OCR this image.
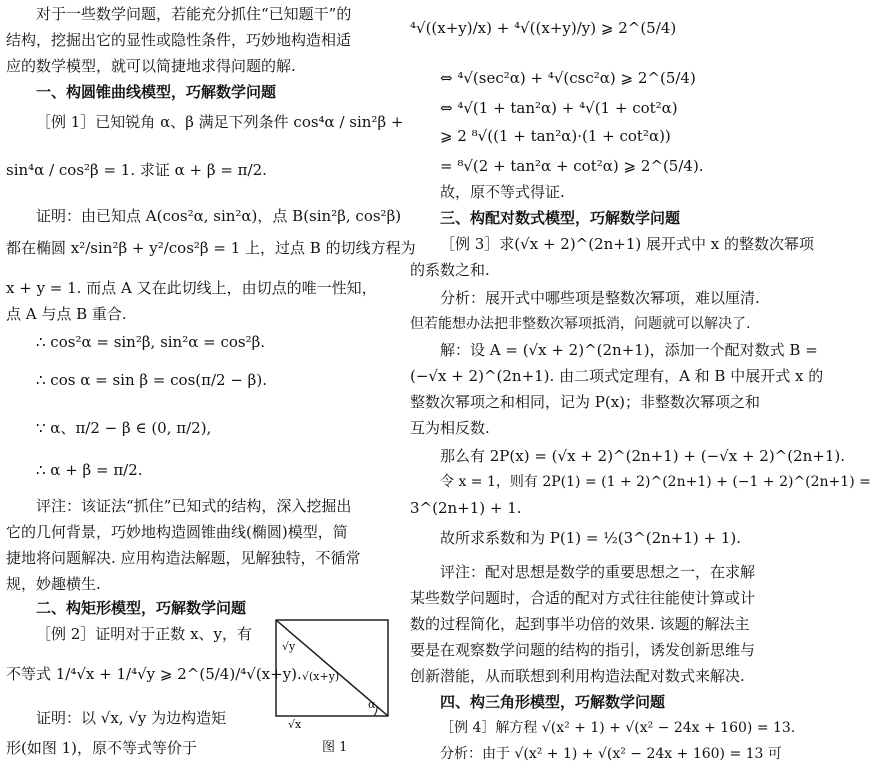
对于一些数学问题，若能充分抓住“已知题干”的
结构，挖掘出它的显性或隐性条件，巧妙地构造相适
应的数学模型，就可以简捷地求得问题的解.
一、构圆锥曲线模型，巧解数学问题
［例 1］已知锐角 α、β 满足下列条件 cos⁴α / sin²β +
sin⁴α / cos²β = 1. 求证 α + β = π/2.
证明：由已知点 A(cos²α, sin²α)，点 B(sin²β, cos²β)
都在椭圆 x²/sin²β + y²/cos²β = 1 上，过点 B 的切线方程为
x + y = 1. 而点 A 又在此切线上，由切点的唯一性知，
点 A 与点 B 重合.
∴ cos²α = sin²β, sin²α = cos²β.
∴ cos α = sin β = cos(π/2 − β).
∵ α、π/2 − β ∈ (0, π/2),
∴ α + β = π/2.
评注：该证法“抓住”已知式的结构，深入挖掘出
它的几何背景，巧妙地构造圆锥曲线(椭圆)模型，简
捷地将问题解决. 应用构造法解题，见解独特，不循常
规，妙趣横生.
二、构矩形模型，巧解数学问题
［例 2］证明对于正数 x、y，有
不等式 1/⁴√x + 1/⁴√y ⩾ 2^(5/4)/⁴√(x+y).
证明：以 √x, √y 为边构造矩
形(如图 1)，原不等式等价于
√y
√(x+y)
α
√x
图 1
⁴√((x+y)/x) + ⁴√((x+y)/y) ⩾ 2^(5/4)
⇔ ⁴√(sec²α) + ⁴√(csc²α) ⩾ 2^(5/4)
⇔ ⁴√(1 + tan²α) + ⁴√(1 + cot²α)
⩾ 2 ⁸√((1 + tan²α)·(1 + cot²α))
= ⁸√(2 + tan²α + cot²α) ⩾ 2^(5/4).
故，原不等式得证.
三、构配对数式模型，巧解数学问题
［例 3］求(√x + 2)^(2n+1) 展开式中 x 的整数次幂项
的系数之和.
分析：展开式中哪些项是整数次幂项，难以厘清.
但若能想办法把非整数次幂项抵消，问题就可以解决了.
解：设 A = (√x + 2)^(2n+1)，添加一个配对数式 B =
(−√x + 2)^(2n+1). 由二项式定理有，A 和 B 中展开式 x 的
整数次幂项之和相同，记为 P(x)；非整数次幂项之和
互为相反数.
那么有 2P(x) = (√x + 2)^(2n+1) + (−√x + 2)^(2n+1).
令 x = 1，则有 2P(1) = (1 + 2)^(2n+1) + (−1 + 2)^(2n+1) =
3^(2n+1) + 1.
故所求系数和为 P(1) = ½(3^(2n+1) + 1).
评注：配对思想是数学的重要思想之一，在求解
某些数学问题时，合适的配对方式往往能使计算或计
数的过程简化，起到事半功倍的效果. 该题的解法主
要是在观察数学问题的结构的指引，诱发创新思维与
创新潜能，从而联想到利用构造法配对数式来解决.
四、构三角形模型，巧解数学问题
［例 4］解方程 √(x² + 1) + √(x² − 24x + 160) = 13.
分析：由于 √(x² + 1) + √(x² − 24x + 160) = 13 可
